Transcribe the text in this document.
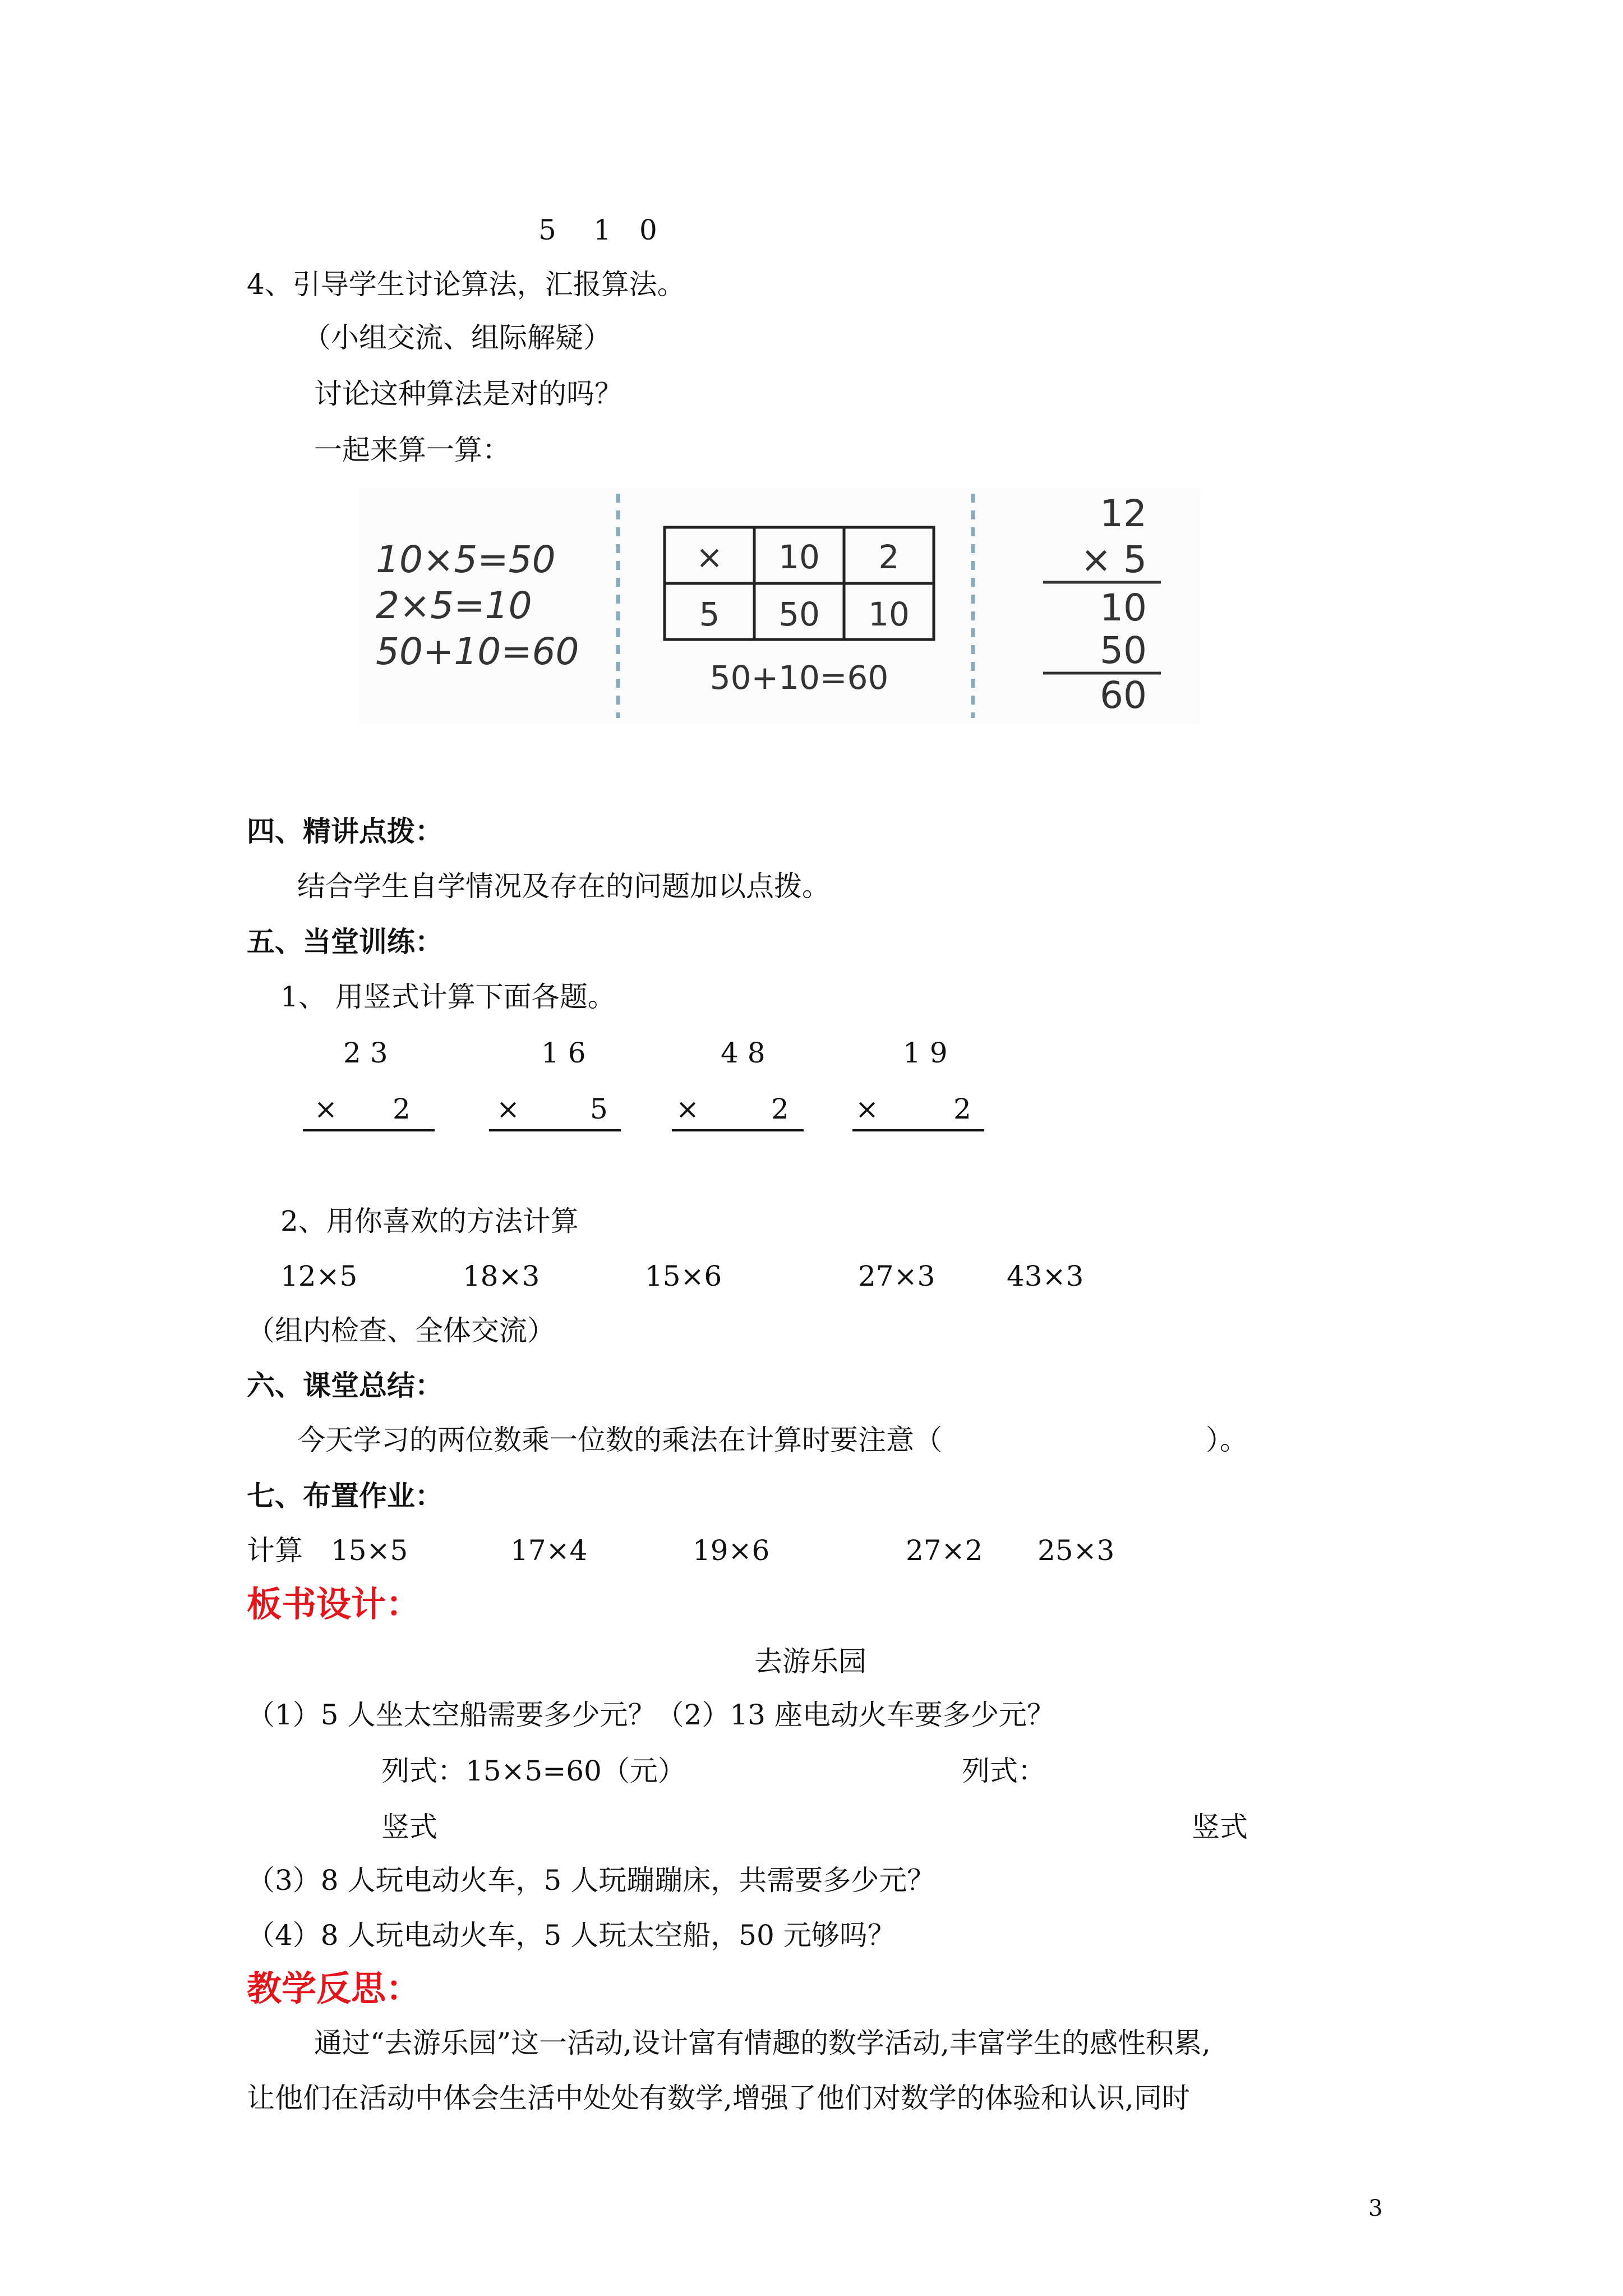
5 1 0
4、引导学生讨论算法，汇报算法。
（小组交流、组际解疑）
讨论这种算法是对的吗？
一起来算一算：
10×5=50
2×5=10
50+10=60
× 10 2
5 50 10
50+10=60
12
× 5
10
50
60
四、精讲点拨：
结合学生自学情况及存在的问题加以点拨。
五、当堂训练：
1、 用竖式计算下面各题。
2 3
× 2
1 6
×	5
4 8
×	2
1 9
×	2
2、用你喜欢的方法计算
12×5	18×3	15×6	27×3	43×3
（组内检查、全体交流）
六、课堂总结：
今天学习的两位数乘一位数的乘法在计算时要注意（	）。
七、布置作业：
计算 15×5	17×4	19×6	27×2 25×3
板书设计：
去游乐园
（1）5 人坐太空船需要多少元？（2）13 座电动火车要多少元？
列式：15×5=60（元）	列式：
竖式	竖式
（3）8 人玩电动火车，5 人玩蹦蹦床，共需要多少元？
（4）8 人玩电动火车，5 人玩太空船，50 元够吗？
教学反思：
通过“去游乐园”这一活动,设计富有情趣的数学活动,丰富学生的感性积累,
让他们在活动中体会生活中处处有数学,增强了他们对数学的体验和认识,同时
3
